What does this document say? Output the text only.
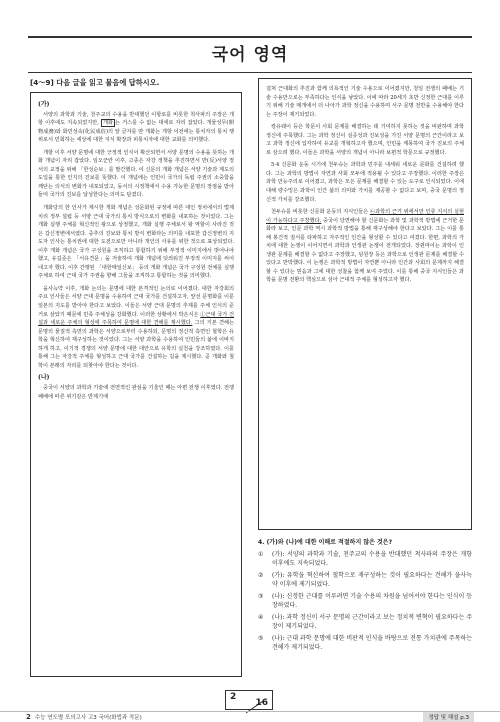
국어 영역
[4～9] 다음 글을 읽고 물음에 답하시오.
(가)

서양의 과학과 기술, 천주교의 수용을 반대했던 이항로를 비롯한 척사파의 주장은 개항 이후에도 지속되었지만, 개화 는 거스를 수 없는 대세로 자리 잡았다. 개물성무(開物成務)와 화민성속(化民成俗)의 앞 글자를 딴 개화는 개항 이전에는 통치자의 통치 행위로서 민회하는 세상에 대한 지식 확장과 피통치자에 대한 교화를 의미했다.

개항 이후 서양 문명에 대한 긍정적 인식이 확산되면서 서양 문명의 수용을 뜻하는 개화 개념이 자리 잡았다. 임오군란 이후, 고종은 자강 정책을 추진하면서 반(反)서양 정서의 교정을 위해 「한성순보」를 발간했다. 이 신문의 개화 개념은 서양 기술과 제도의 도입을 통한 인지의 진보를 뜻했다. 이 개념에는 인민이 국가의 독립 주권의 소중함을 깨닫는 의식의 변화가 내포되었고, 동서의 시정책에서 수용 가능한 문명의 장점을 받아들여 국가의 진보를 달성한다는 의미도 담겼다.

개화당의 한 인사가 제시한 개화 개념은 성문화된 규정에 따른 대인 정치에서의 법제 치리 정부 설립 등 서양 근대 국가의 통치 방식으로의 변화를 내포하는 것이었다. 그는 개화 실행 주체를 혁신적인 왕으로 상정했고, 개화 실행 주체로서 왕 역할이 사라진 것은 갑신정변에서였다. 중추의 진보와 통치 방식 변화라는 의미를 내포한 갑신정변의 지도자 인사는 통치권에 대한 도전으로만 아니라 개인의 사유를 위한 것으로 표상되었다. 이후 개화 개념은 국가 구성원을 조직하고 통합하기 위해 부정적 이미지에서 벗어나야 했고, 유길준은 「서유견문」을 저술하여 개화 개념에 덧씌워진 부정적 이미지를 씨어 내고자 했다. 이후 간행된 「대한매일신보」 등의 개화 개념은 국가 구성원 전체를 실행 주체로 하여 근대 국가 주권을 향해 그들을 조직하고 통합하는 것을 의미했다.

을사늑약 이후, 개화 논의는 문명에 대한 본격적인 논의로 이어졌다. 대한 자강회의 주요 인사들은 서양 근대 문명을 수용하여 근대 국가를 건설하고자, 앞선 문명화를 이룬 일본의 지도를 받아야 한다고 보았다. 이들은 서양 근대 문명의 추제를 주체 인식의 준거로 삼았기 때문에 민족 주체성을 강화했다. 이러한 상황에서 박은식은 ①근대 국가 건설과 새로운 주체의 형성에 주목하여 문명에 대한 견해를 제시했다. 그의 기본 견해는 문명의 물질적 측면의 과학은 서양으로부터 수용하되, 문명의 정신적 측면인 철학은 유학을 혁신하여 재구성하는 것이었다. 그는 서양 과학을 수용하여 인민들의 삶에 이바지하게 하고, 이기적 경쟁의 서양 문명에 대한 대안으로 유학의 실천을 강조하였다. 이를 통해 그는 자강적 주체를 형성하고 근대 국가를 건설하는 길을 제시했다. 곧 개화와 철학이 본래의 자리를 되찾아야 한다는 것이다.

(나)

중국이 서양의 과학과 기술에 전면적인 관심을 기울인 때는 아편 전쟁 이후였다. 전쟁 패배에 따른 위기감은 반제기에

걸쳐 근대화의 추진과 함께 의욕적인 기술 수용으로 이어졌지만, 청일 전쟁의 패배는 기술 수용만으로는 부족하다는 인식을 낳았다. 이에 따라 20세기 초반 신정한 근대를 이루기 위해 기술 매개에서 더 나아가 과학 정신을 수용하며 서구 문명 전반을 수용해야 한다는 주장이 제기되었다.

캉유웨이 등은 학문이 사회 문제를 해결하는 데 기여하지 못하는 것을 비판하며 과학 정신에 주목했다. 그는 과학 정신이 실증성과 진보성을 가진 서양 문명의 근간이라고 보고 과학 정신에 입각하여 유교를 개혁하고자 했으며, 인민을 계몽하여 국가 진보의 주체로 삼으려 했다. 이들은 과학을 서양의 개념이 아니라 보편적 학문으로 규정했다.

5·4 신문화 운동 시기에 천두슈는 과학과 민주를 내세워 새로운 문화를 건설하려 했다. 그는 과학의 방법이 자연과 사회 모두에 적용될 수 있다고 주장했다. 이러한 주장은 과학 만능주의로 이어졌고, 과학은 모든 문제를 해결할 수 있는 도구로 인식되었다. 이에 대해 량수밍은 과학이 인간 삶의 의미와 가치를 제공할 수 없다고 보며, 중국 문명의 정신적 가치를 강조했다.

천두슈를 비롯한 신문화 운동의 지식인들은 ㉡과학의 근거 위에서만 인류 지식의 실현이 가능하다고 주장했다. 중국이 당면해야 할 신문화는 과학 및 과학적 방법에 근거한 문화라 보고, 인문 과학 역시 과학적 방법을 통해 재구성해야 한다고 보았다. 그는 이를 통해 봉건적 질서를 타파하고 자주적인 인간을 형성할 수 있다고 여겼다. 한편, 과학의 가치에 대한 논쟁이 이어지면서 과학과 인생관 논쟁이 전개되었다. 장쥔마이는 과학이 인생관 문제를 해결할 수 없다고 주장했고, 딩원장 등은 과학으로 인생관 문제를 해결할 수 있다고 반박했다. 이 논쟁은 과학적 방법이 자연뿐 아니라 인간과 사회의 문제까지 해결할 수 있다는 믿음과 그에 대한 성찰을 함께 보여 주었다. 이를 통해 중국 지식인들은 과학을 문명 전환의 핵심으로 삼아 근대적 주체를 형성하고자 했다.

4. (가)와 (나)에 대한 이해로 적절하지 않은 것은?
①	(가): 서양의 과학과 기술, 천주교의 수용을 반대했던 척사파의 주장은 개항 이후에도 지속되었다.
②	(가): 유학을 혁신하여 철학으로 재구성하는 것이 필요하다는 견해가 을사늑약 이후에 제기되었다.
③	(나): 신정한 근대를 이루려면 기술 수용의 차원을 넘어서야 한다는 인식이 등장하였다.
④	(나): 과학 정신이 서구 문명의 근간이라고 보는 정치적 변혁이 필요하다는 주장이 제기되었다.
⑤	(나): 근대 과학 문명에 대한 비판적 인식을 바탕으로 전통 가치관에 주목하는 견해가 제기되었다.
2
16
2 수능 연도별 모의고사 고3 국어(화법과 작문)	정답 및 해설 p.3
